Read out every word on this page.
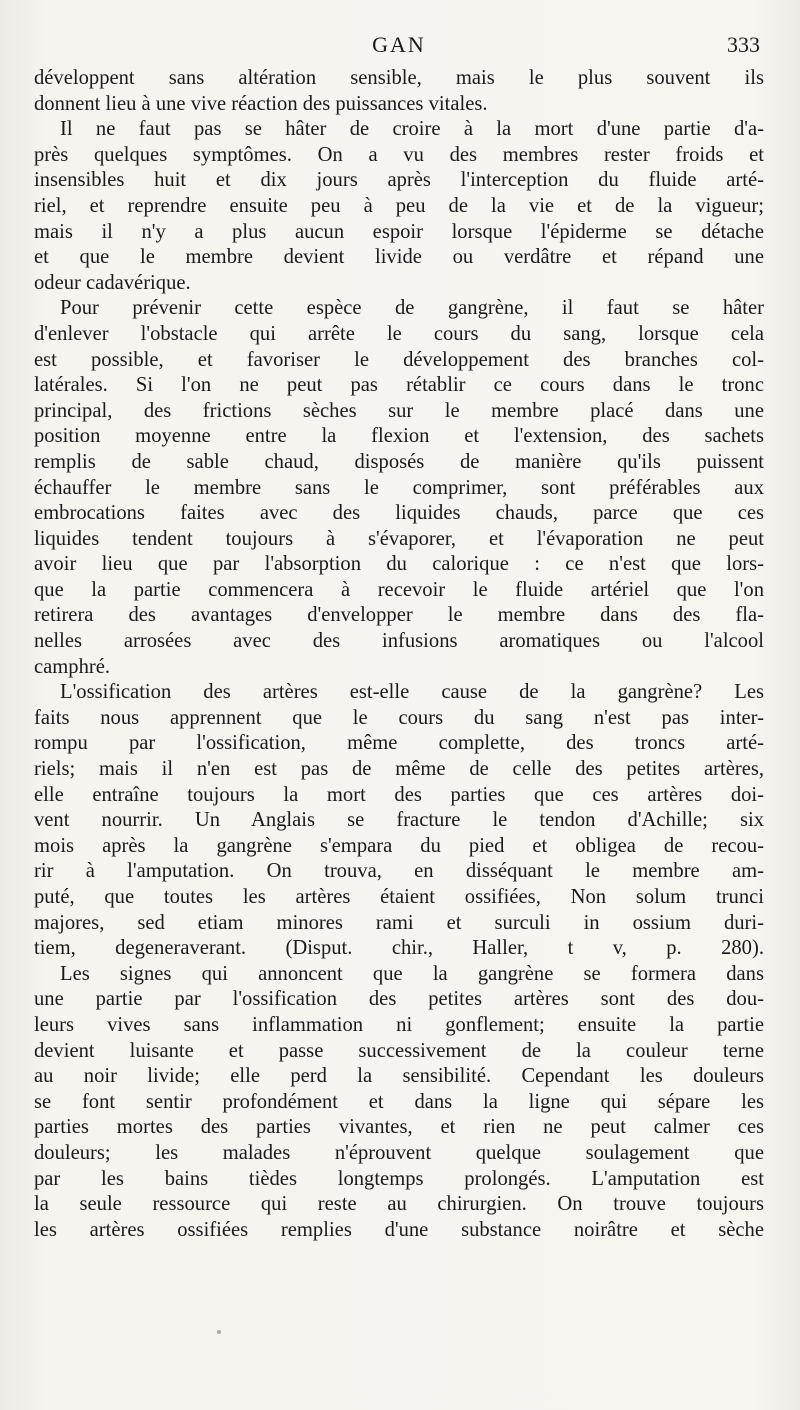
GAN	333
développent sans altération sensible, mais le plus souvent ils
donnent lieu à une vive réaction des puissances vitales.
Il ne faut pas se hâter de croire à la mort d'une partie d'a-
près quelques symptômes. On a vu des membres rester froids et
insensibles huit et dix jours après l'interception du fluide arté-
riel, et reprendre ensuite peu à peu de la vie et de la vigueur;
mais il n'y a plus aucun espoir lorsque l'épiderme se détache
et que le membre devient livide ou verdâtre et répand une
odeur cadavérique.
Pour prévenir cette espèce de gangrène, il faut se hâter
d'enlever l'obstacle qui arrête le cours du sang, lorsque cela
est possible, et favoriser le développement des branches col-
latérales. Si l'on ne peut pas rétablir ce cours dans le tronc
principal, des frictions sèches sur le membre placé dans une
position moyenne entre la flexion et l'extension, des sachets
remplis de sable chaud, disposés de manière qu'ils puissent
échauffer le membre sans le comprimer, sont préférables aux
embrocations faites avec des liquides chauds, parce que ces
liquides tendent toujours à s'évaporer, et l'évaporation ne peut
avoir lieu que par l'absorption du calorique : ce n'est que lors-
que la partie commencera à recevoir le fluide artériel que l'on
retirera des avantages d'envelopper le membre dans des fla-
nelles arrosées avec des infusions aromatiques ou l'alcool
camphré.
L'ossification des artères est-elle cause de la gangrène? Les
faits nous apprennent que le cours du sang n'est pas inter-
rompu par l'ossification, même complette, des troncs arté-
riels; mais il n'en est pas de même de celle des petites artères,
elle entraîne toujours la mort des parties que ces artères doi-
vent nourrir. Un Anglais se fracture le tendon d'Achille; six
mois après la gangrène s'empara du pied et obligea de recou-
rir à l'amputation. On trouva, en disséquant le membre am-
puté, que toutes les artères étaient ossifiées, Non solum trunci
majores, sed etiam minores rami et surculi in ossium duri-
tiem, degeneraverant. (Disput. chir., Haller, t v, p. 280).
Les signes qui annoncent que la gangrène se formera dans
une partie par l'ossification des petites artères sont des dou-
leurs vives sans inflammation ni gonflement; ensuite la partie
devient luisante et passe successivement de la couleur terne
au noir livide; elle perd la sensibilité. Cependant les douleurs
se font sentir profondément et dans la ligne qui sépare les
parties mortes des parties vivantes, et rien ne peut calmer ces
douleurs; les malades n'éprouvent quelque soulagement que
par les bains tièdes longtemps prolongés. L'amputation est
la seule ressource qui reste au chirurgien. On trouve toujours
les artères ossifiées remplies d'une substance noirâtre et sèche
